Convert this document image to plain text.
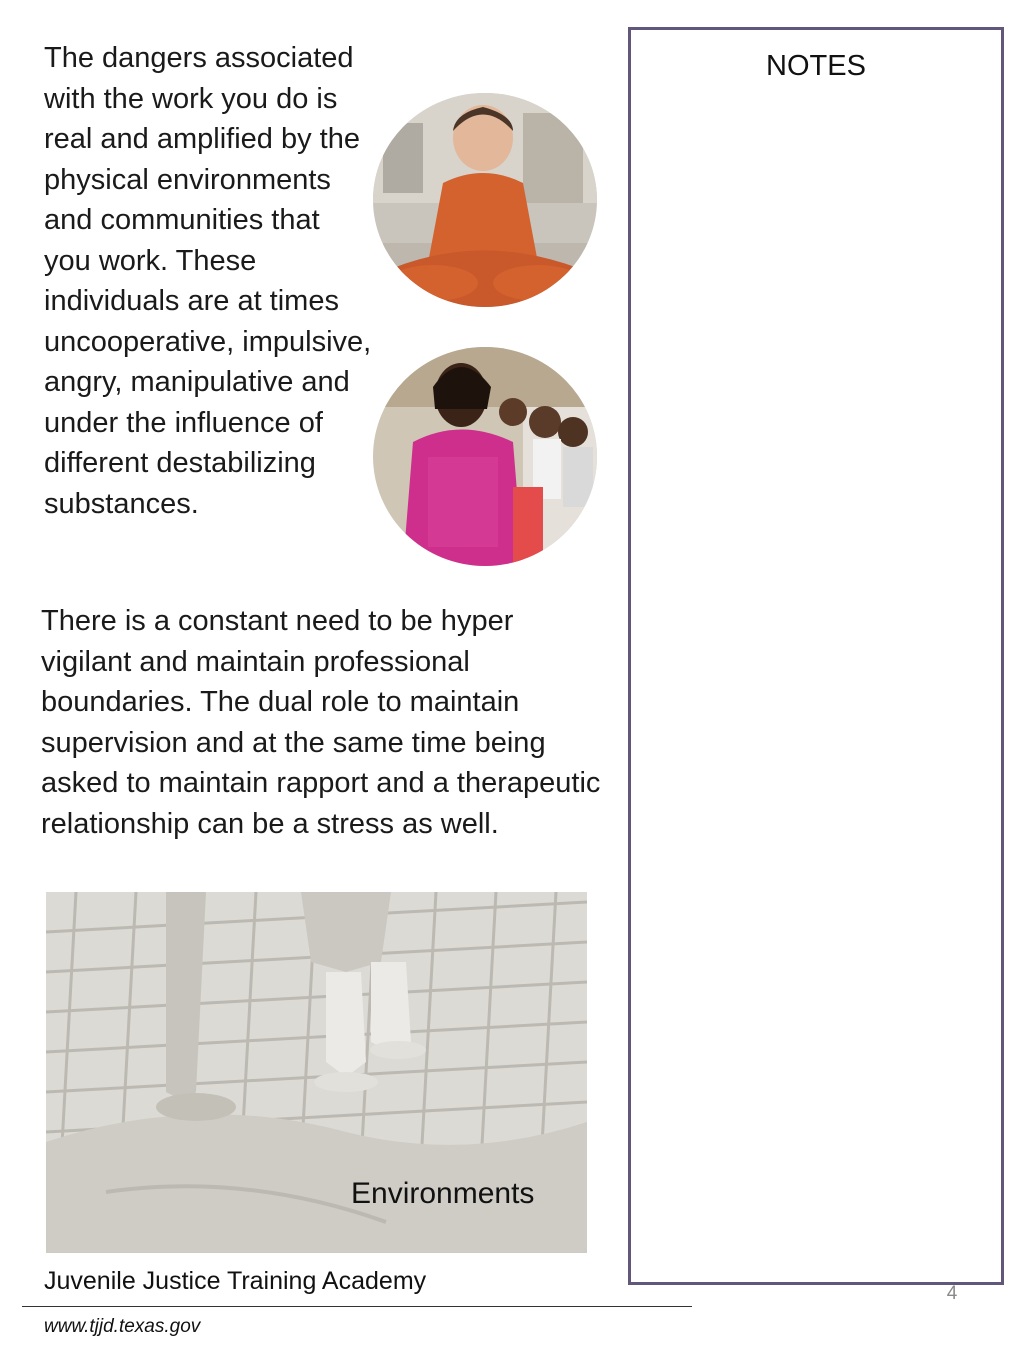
The dangers associated with the work you do is real and amplified by the physical environments and communities that you work. These individuals are at times uncooperative, impulsive, angry, manipulative and under the influence of different destabilizing substances.

There is a constant need to be hyper vigilant and maintain professional boundaries. The dual role to maintain supervision and at the same time being asked to maintain rapport and a therapeutic relationship can be a stress as well.

Environments
NOTES
4
Juvenile Justice Training Academy
www.tjjd.texas.gov
